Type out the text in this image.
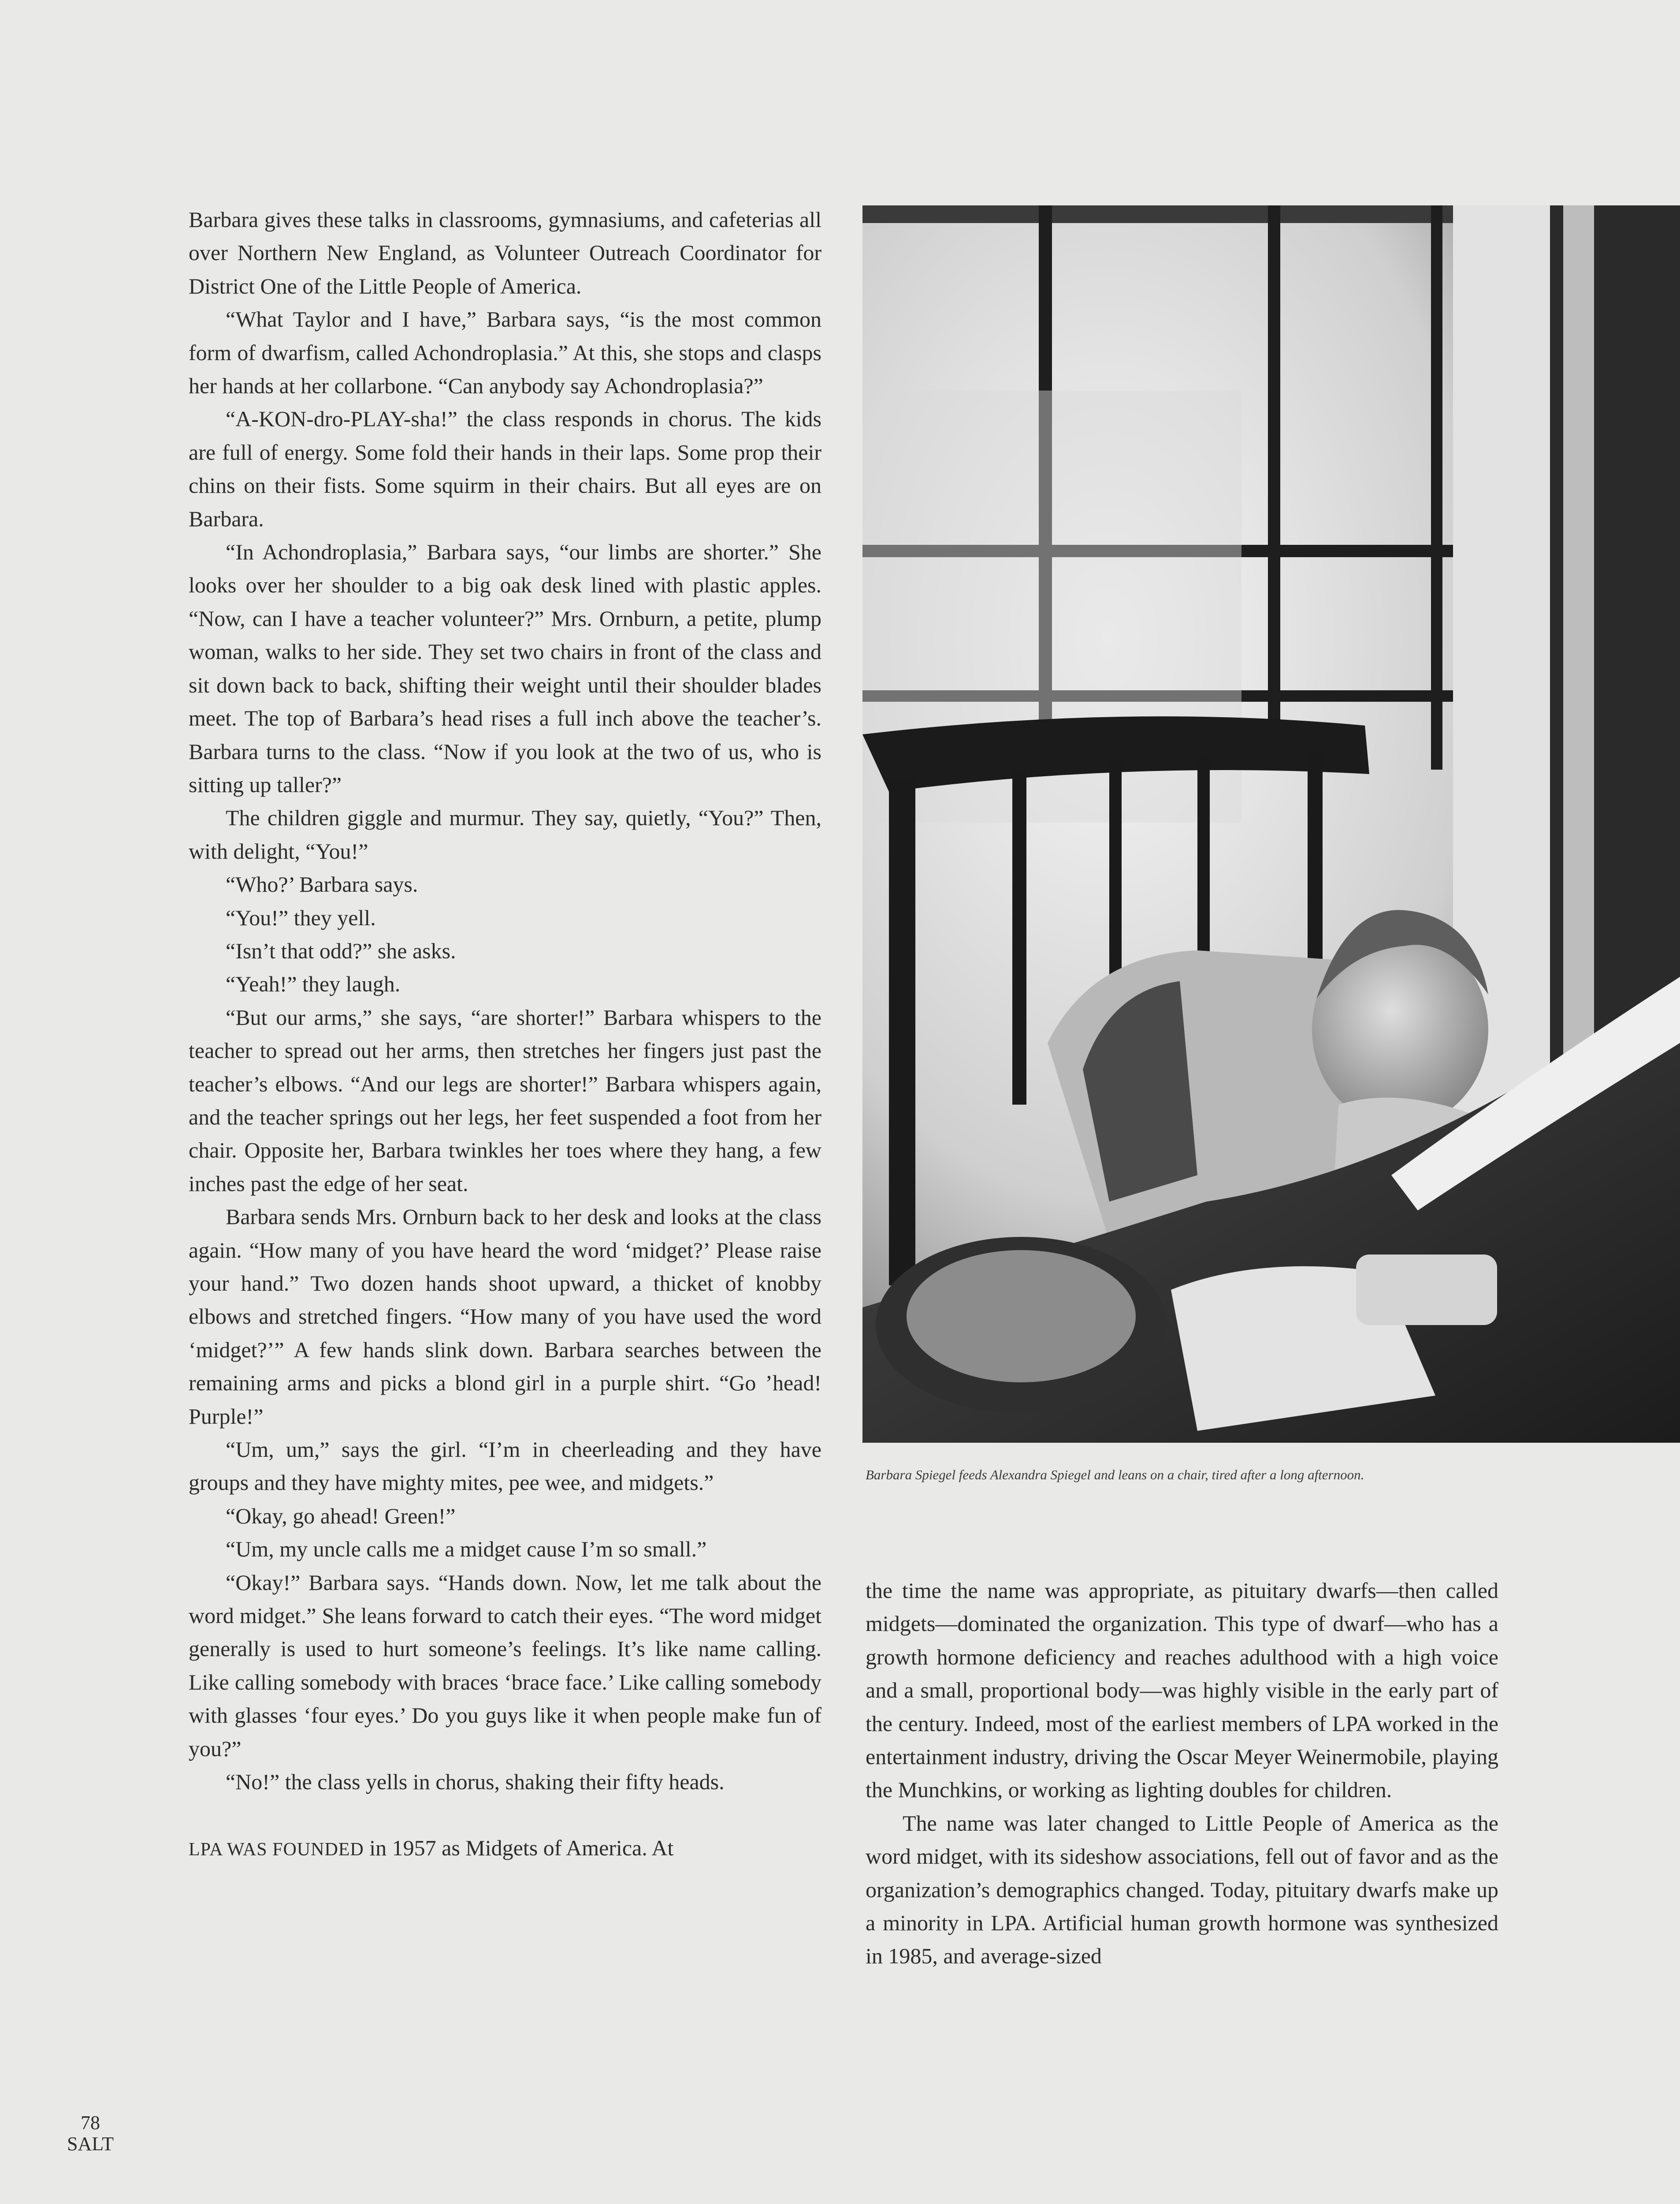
Barbara gives these talks in classrooms, gymnasiums, and cafeterias all over Northern New England, as Volunteer Outreach Coordinator for District One of the Little People of America.

“What Taylor and I have,” Barbara says, “is the most common form of dwarfism, called Achondroplasia.” At this, she stops and clasps her hands at her collarbone. “Can anybody say Achondroplasia?”

“A-KON-dro-PLAY-sha!” the class responds in chorus. The kids are full of energy. Some fold their hands in their laps. Some prop their chins on their fists. Some squirm in their chairs. But all eyes are on Barbara.

“In Achondroplasia,” Barbara says, “our limbs are shorter.” She looks over her shoulder to a big oak desk lined with plastic apples. “Now, can I have a teacher volunteer?” Mrs. Ornburn, a petite, plump woman, walks to her side. They set two chairs in front of the class and sit down back to back, shifting their weight until their shoulder blades meet. The top of Barbara’s head rises a full inch above the teacher’s. Barbara turns to the class. “Now if you look at the two of us, who is sitting up taller?”

The children giggle and murmur. They say, quietly, “You?” Then, with delight, “You!”

“Who?’ Barbara says.

“You!” they yell.

“Isn’t that odd?” she asks.

“Yeah!” they laugh.

“But our arms,” she says, “are shorter!” Barbara whispers to the teacher to spread out her arms, then stretches her fingers just past the teacher’s elbows. “And our legs are shorter!” Barbara whispers again, and the teacher springs out her legs, her feet suspended a foot from her chair. Opposite her, Barbara twinkles her toes where they hang, a few inches past the edge of her seat.

Barbara sends Mrs. Ornburn back to her desk and looks at the class again. “How many of you have heard the word ‘midget?’ Please raise your hand.” Two dozen hands shoot upward, a thicket of knobby elbows and stretched fingers. “How many of you have used the word ‘midget?’” A few hands slink down. Barbara searches between the remaining arms and picks a blond girl in a purple shirt. “Go ’head! Purple!”

“Um, um,” says the girl. “I’m in cheerleading and they have groups and they have mighty mites, pee wee, and midgets.”

“Okay, go ahead! Green!”

“Um, my uncle calls me a midget cause I’m so small.”

“Okay!” Barbara says. “Hands down. Now, let me talk about the word midget.” She leans forward to catch their eyes. “The word midget generally is used to hurt someone’s feelings. It’s like name calling. Like calling somebody with braces ‘brace face.’ Like calling somebody with glasses ‘four eyes.’ Do you guys like it when people make fun of you?”

“No!” the class yells in chorus, shaking their fifty heads.

LPA WAS FOUNDED in 1957 as Midgets of America. At

Barbara Spiegel feeds Alexandra Spiegel and leans on a chair, tired after a long afternoon.

the time the name was appropriate, as pituitary dwarfs—then called midgets—dominated the organization. This type of dwarf—who has a growth hormone deficiency and reaches adulthood with a high voice and a small, proportional body—was highly visible in the early part of the century. Indeed, most of the earliest members of LPA worked in the entertainment industry, driving the Oscar Meyer Weinermobile, playing the Munchkins, or working as lighting doubles for children.

The name was later changed to Little People of America as the word midget, with its sideshow associations, fell out of favor and as the organization’s demographics changed. Today, pituitary dwarfs make up a minority in LPA. Artificial human growth hormone was synthesized in 1985, and average-sized

78
SALT
